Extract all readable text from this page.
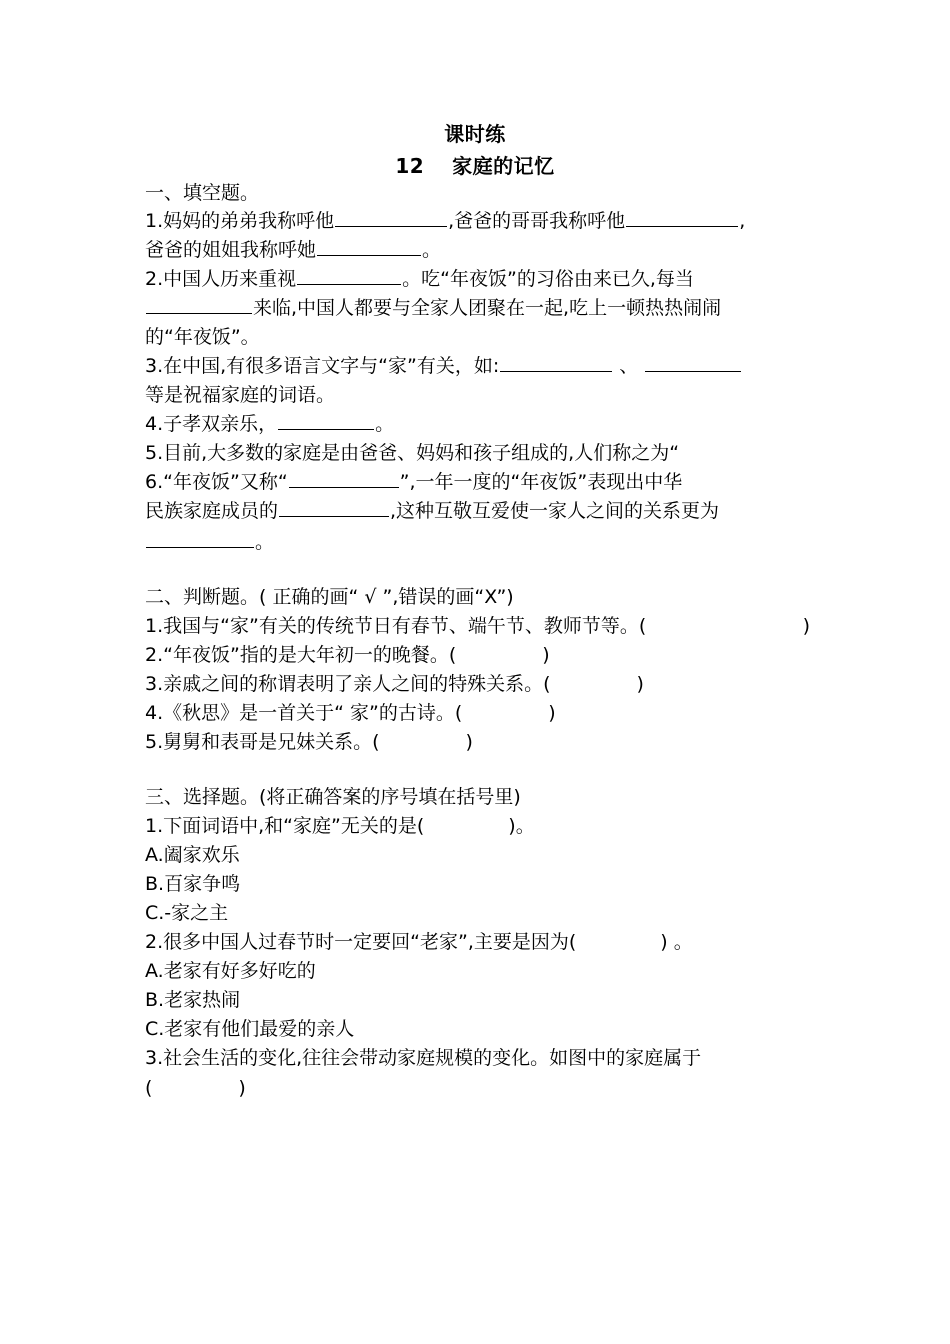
课时练
12 家庭的记忆
一、填空题。
1.妈妈的弟弟我称呼他	,爸爸的哥哥我称呼他	,
爸爸的姐姐我称呼她	。
2.中国人历来重视	。吃“年夜饭”的习俗由来已久,每当
来临,中国人都要与全家人团聚在一起,吃上一顿热热闹闹
的“年夜饭”。
3.在中国,有很多语言文字与“家”有关，如:	、
等是祝福家庭的词语。
4.子孝双亲乐，	。
5.目前,大多数的家庭是由爸爸、妈妈和孩子组成的,人们称之为“
6.“年夜饭”又称“	”,一年一度的“年夜饭”表现出中华
民族家庭成员的	,这种互敬互爱使一家人之间的关系更为
。
二、判断题。( 正确的画“ √ ”,错误的画“X”)
1.我国与“家”有关的传统节日有春节、端午节、教师节等。(	)
2.“年夜饭”指的是大年初一的晚餐。(	)
3.亲戚之间的称谓表明了亲人之间的特殊关系。(	)
4.《秋思》是一首关于“ 家”的古诗。(	)
5.舅舅和表哥是兄妹关系。(	)
三、选择题。(将正确答案的序号填在括号里)
1.下面词语中,和“家庭”无关的是(	)。
A.阖家欢乐
B.百家争鸣
C.-家之主
2.很多中国人过春节时一定要回“老家”,主要是因为(	) 。
A.老家有好多好吃的
B.老家热闹
C.老家有他们最爱的亲人
3.社会生活的变化,往往会带动家庭规模的变化。如图中的家庭属于
(	)
